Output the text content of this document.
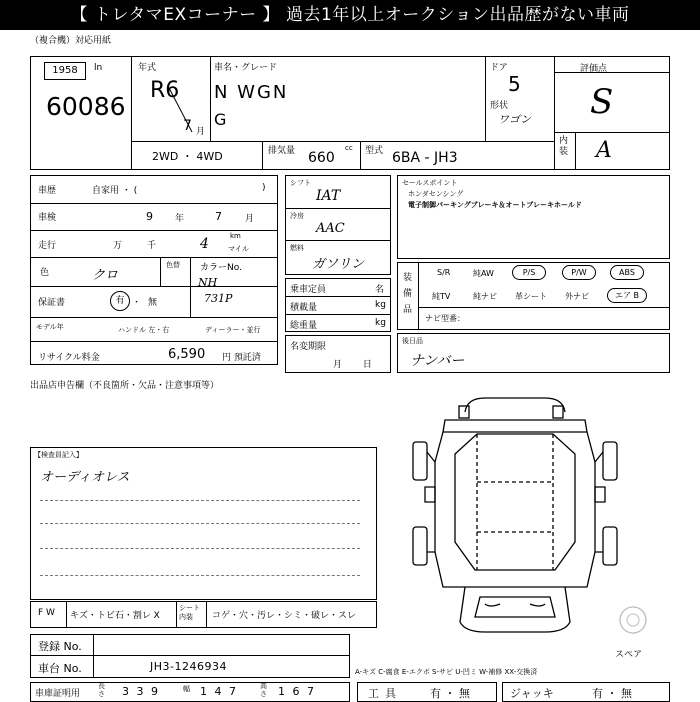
【 トレタマEXコーナー 】 過去1年以上オークション出品歴がない車両
（複合機）対応用紙
1958	ln
60086
年式
R6
7 月
車名・グレード
N WGN
G
ドア
5
形状
ワゴン
2WD ・ 4WD	排気量 660
cc 型式 6BA - JH3
評価点
S
内装 A
車歴	自家用 ・ (	)
車検	9 年	7	月
走行	万	千	4	km
マイル
色	クロ
色替 カラーNo.
NH
731P
保証書	有 ・ 無
モデル年	ハンドル 左・右	ディーラー・並行
リサイクル料金	6,590 円 預託済
シフト
IAT
冷房
AAC
燃料
ガソリン
乗車定員	名
積載量	kg
総重量	kg
名変期限
月 日
セールスポイント
ホンダセンシング
電子制御パーキングブレーキ＆オートブレーキホールド
装備品
S/R	純AW	P/S	P/W	ABS
純TV	純ナビ 革シート 外ナビ	エア B
ナビ型番：
後日品
ナンバー
出品店申告欄（不良箇所・欠品・注意事項等）
【検査員記入】
オーディオレス
F W キズ・トビ石・割レ X
シート 内装	コゲ・穴・汚レ・シミ・破レ・スレ
登録 No.
車台 No.	JH3-1246934
車庫証明用
長さ 3 3 9	幅 1 4 7	高さ 1 6 7
A-キズ C-腐食 E-エクボ S-サビ U-凹ミ W-補修 XX-交換済
スペア
工具	有 ・ 無	ジャッキ	有 ・ 無
